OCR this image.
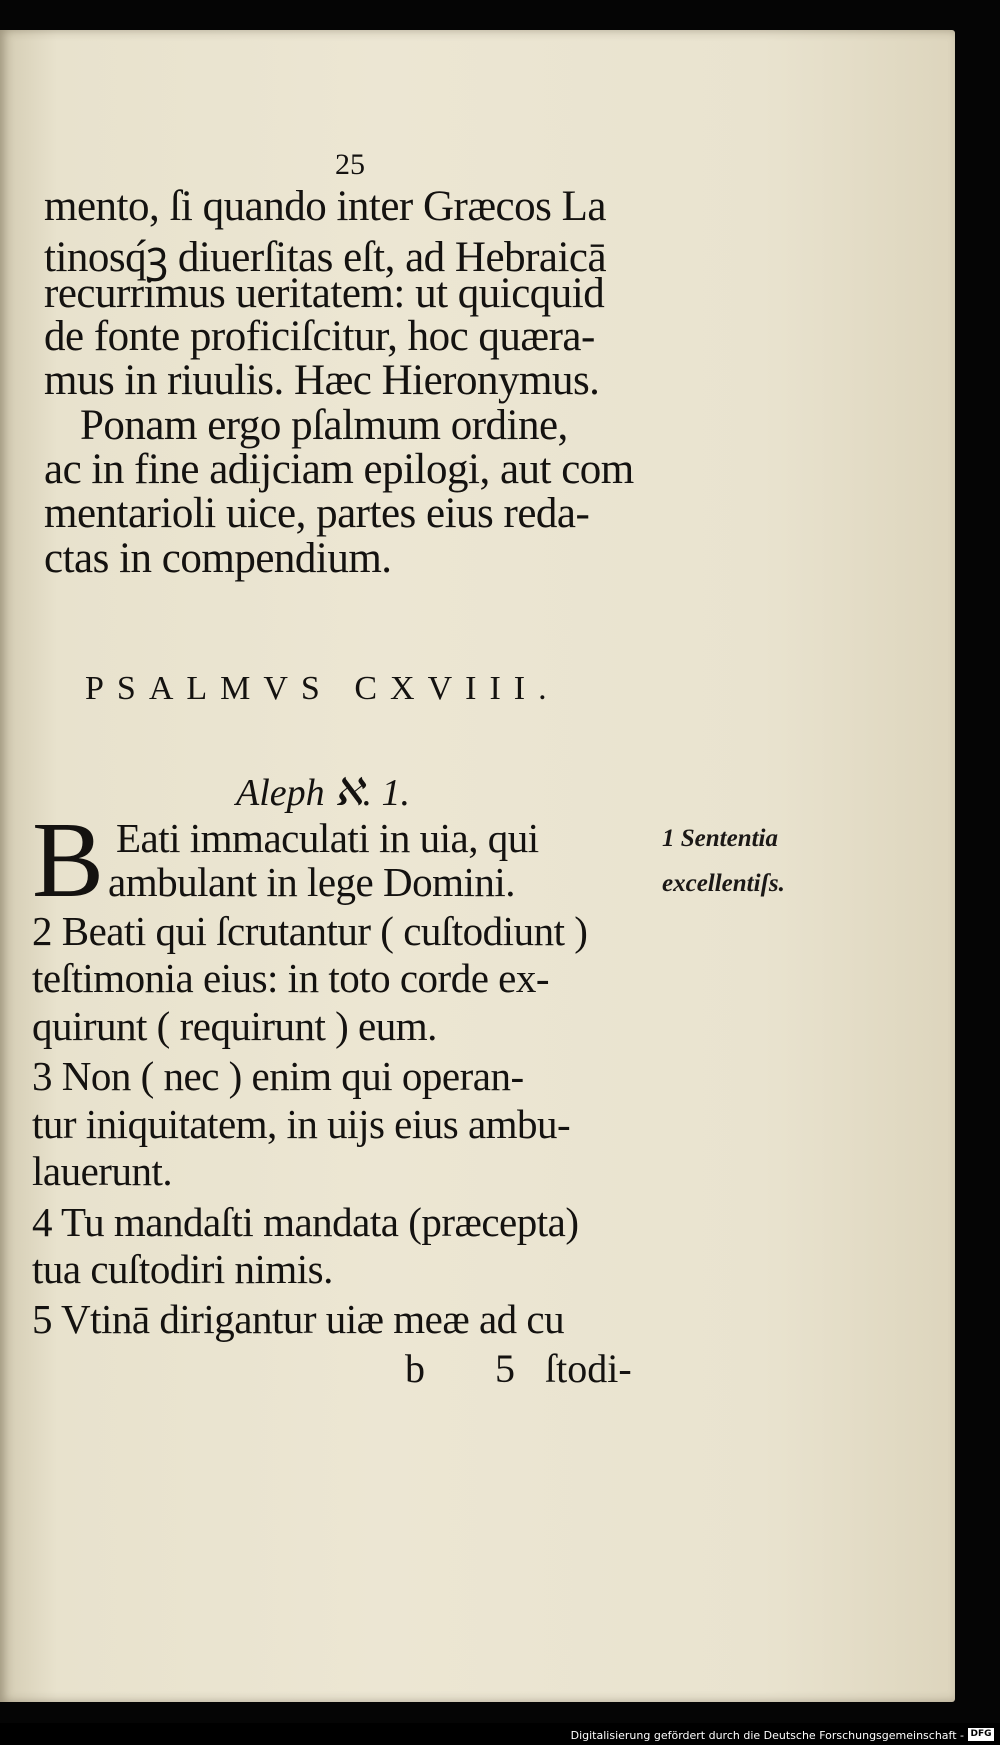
25
mento, ſi quando inter Græcos La
tinosq́ꝫ diuerſitas eſt, ad Hebraicā
recurrimus ueritatem: ut quicquid
de fonte proficiſcitur, hoc quæra-
mus in riuulis. Hæc Hieronymus.
Ponam ergo pſalmum ordine,
ac in fine adijciam epilogi, aut com
mentarioli uice, partes eius reda-
ctas in compendium.
PSALMVS CXVIII.
Aleph ℵ. 1.
B Eati immaculati in uia, qui
ambulant in lege Domini.
2 Beati qui ſcrutantur ( cuſtodiunt )
teſtimonia eius: in toto corde ex-
quirunt ( requirunt ) eum.
3 Non ( nec ) enim qui operan-
tur iniquitatem, in uijs eius ambu-
lauerunt.
4 Tu mandaſti mandata (præcepta)
tua cuſtodiri nimis.
5 Vtinā dirigantur uiæ meæ ad cu
1 Sententia
excellentiſs.
b 5 ſtodi-
Digitalisierung gefördert durch die Deutsche Forschungsgemeinschaft - DFG
